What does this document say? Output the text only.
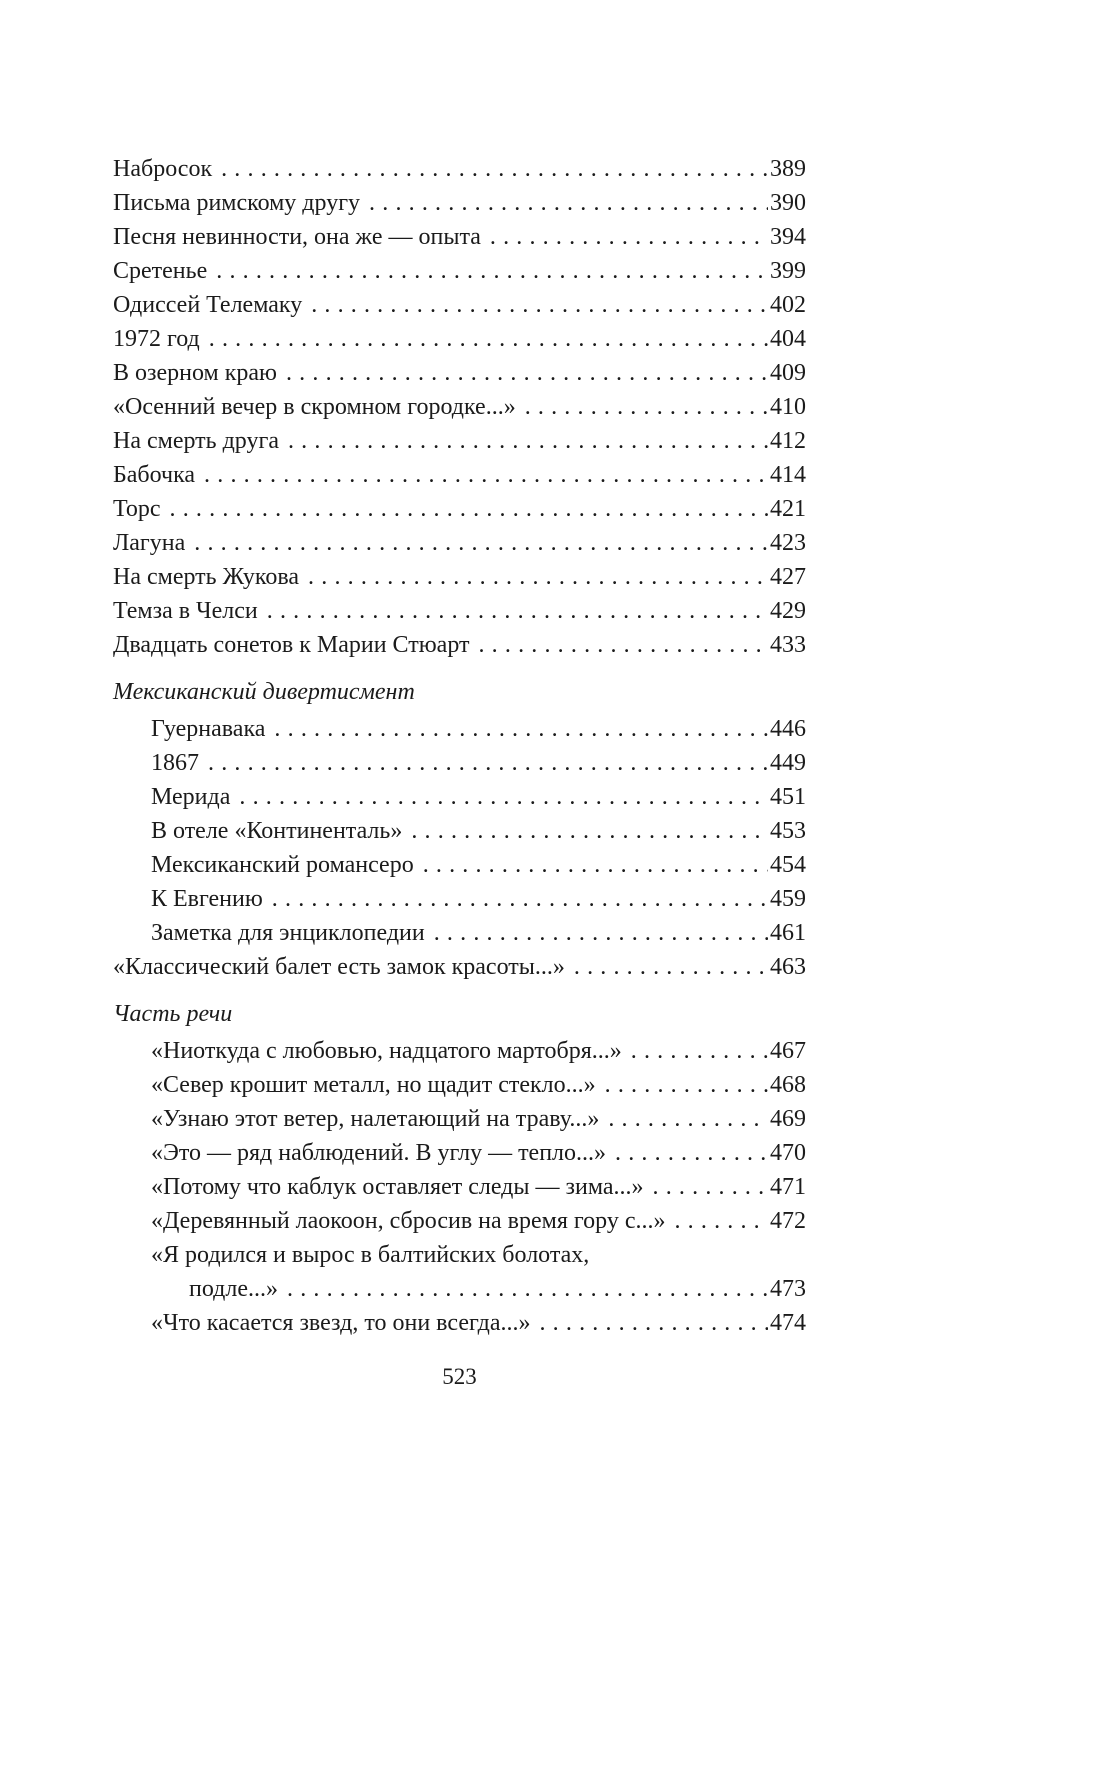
Набросок .....	389
Письма римскому другу .....	390
Песня невинности, она же — опыта .....	394
Сретенье .....	399
Одиссей Телемаку .....	402
1972 год .....	404
В озерном краю .....	409
«Осенний вечер в скромном городке...» .....	410
На смерть друга .....	412
Бабочка .....	414
Торс .....	421
Лагуна .....	423
На смерть Жукова .....	427
Темза в Челси .....	429
Двадцать сонетов к Марии Стюарт .....	433
Мексиканский дивертисмент
Гуернавака .....	446
1867 .....	449
Мерида .....	451
В отеле «Континенталь» .....	453
Мексиканский романсеро .....	454
К Евгению .....	459
Заметка для энциклопедии .....	461
«Классический балет есть замок красоты...» .....	463
Часть речи
«Ниоткуда с любовью, надцатого мартобря...» .....	467
«Север крошит металл, но щадит стекло...» .....	468
«Узнаю этот ветер, налетающий на траву...» .....	469
«Это — ряд наблюдений. В углу — тепло...» .....	470
«Потому что каблук оставляет следы — зима...» .....	471
«Деревянный лаокоон, сбросив на время гору с...» .....	472
«Я родился и вырос в балтийских болотах,
подле...» .....	473
«Что касается звезд, то они всегда...» .....	474
523
